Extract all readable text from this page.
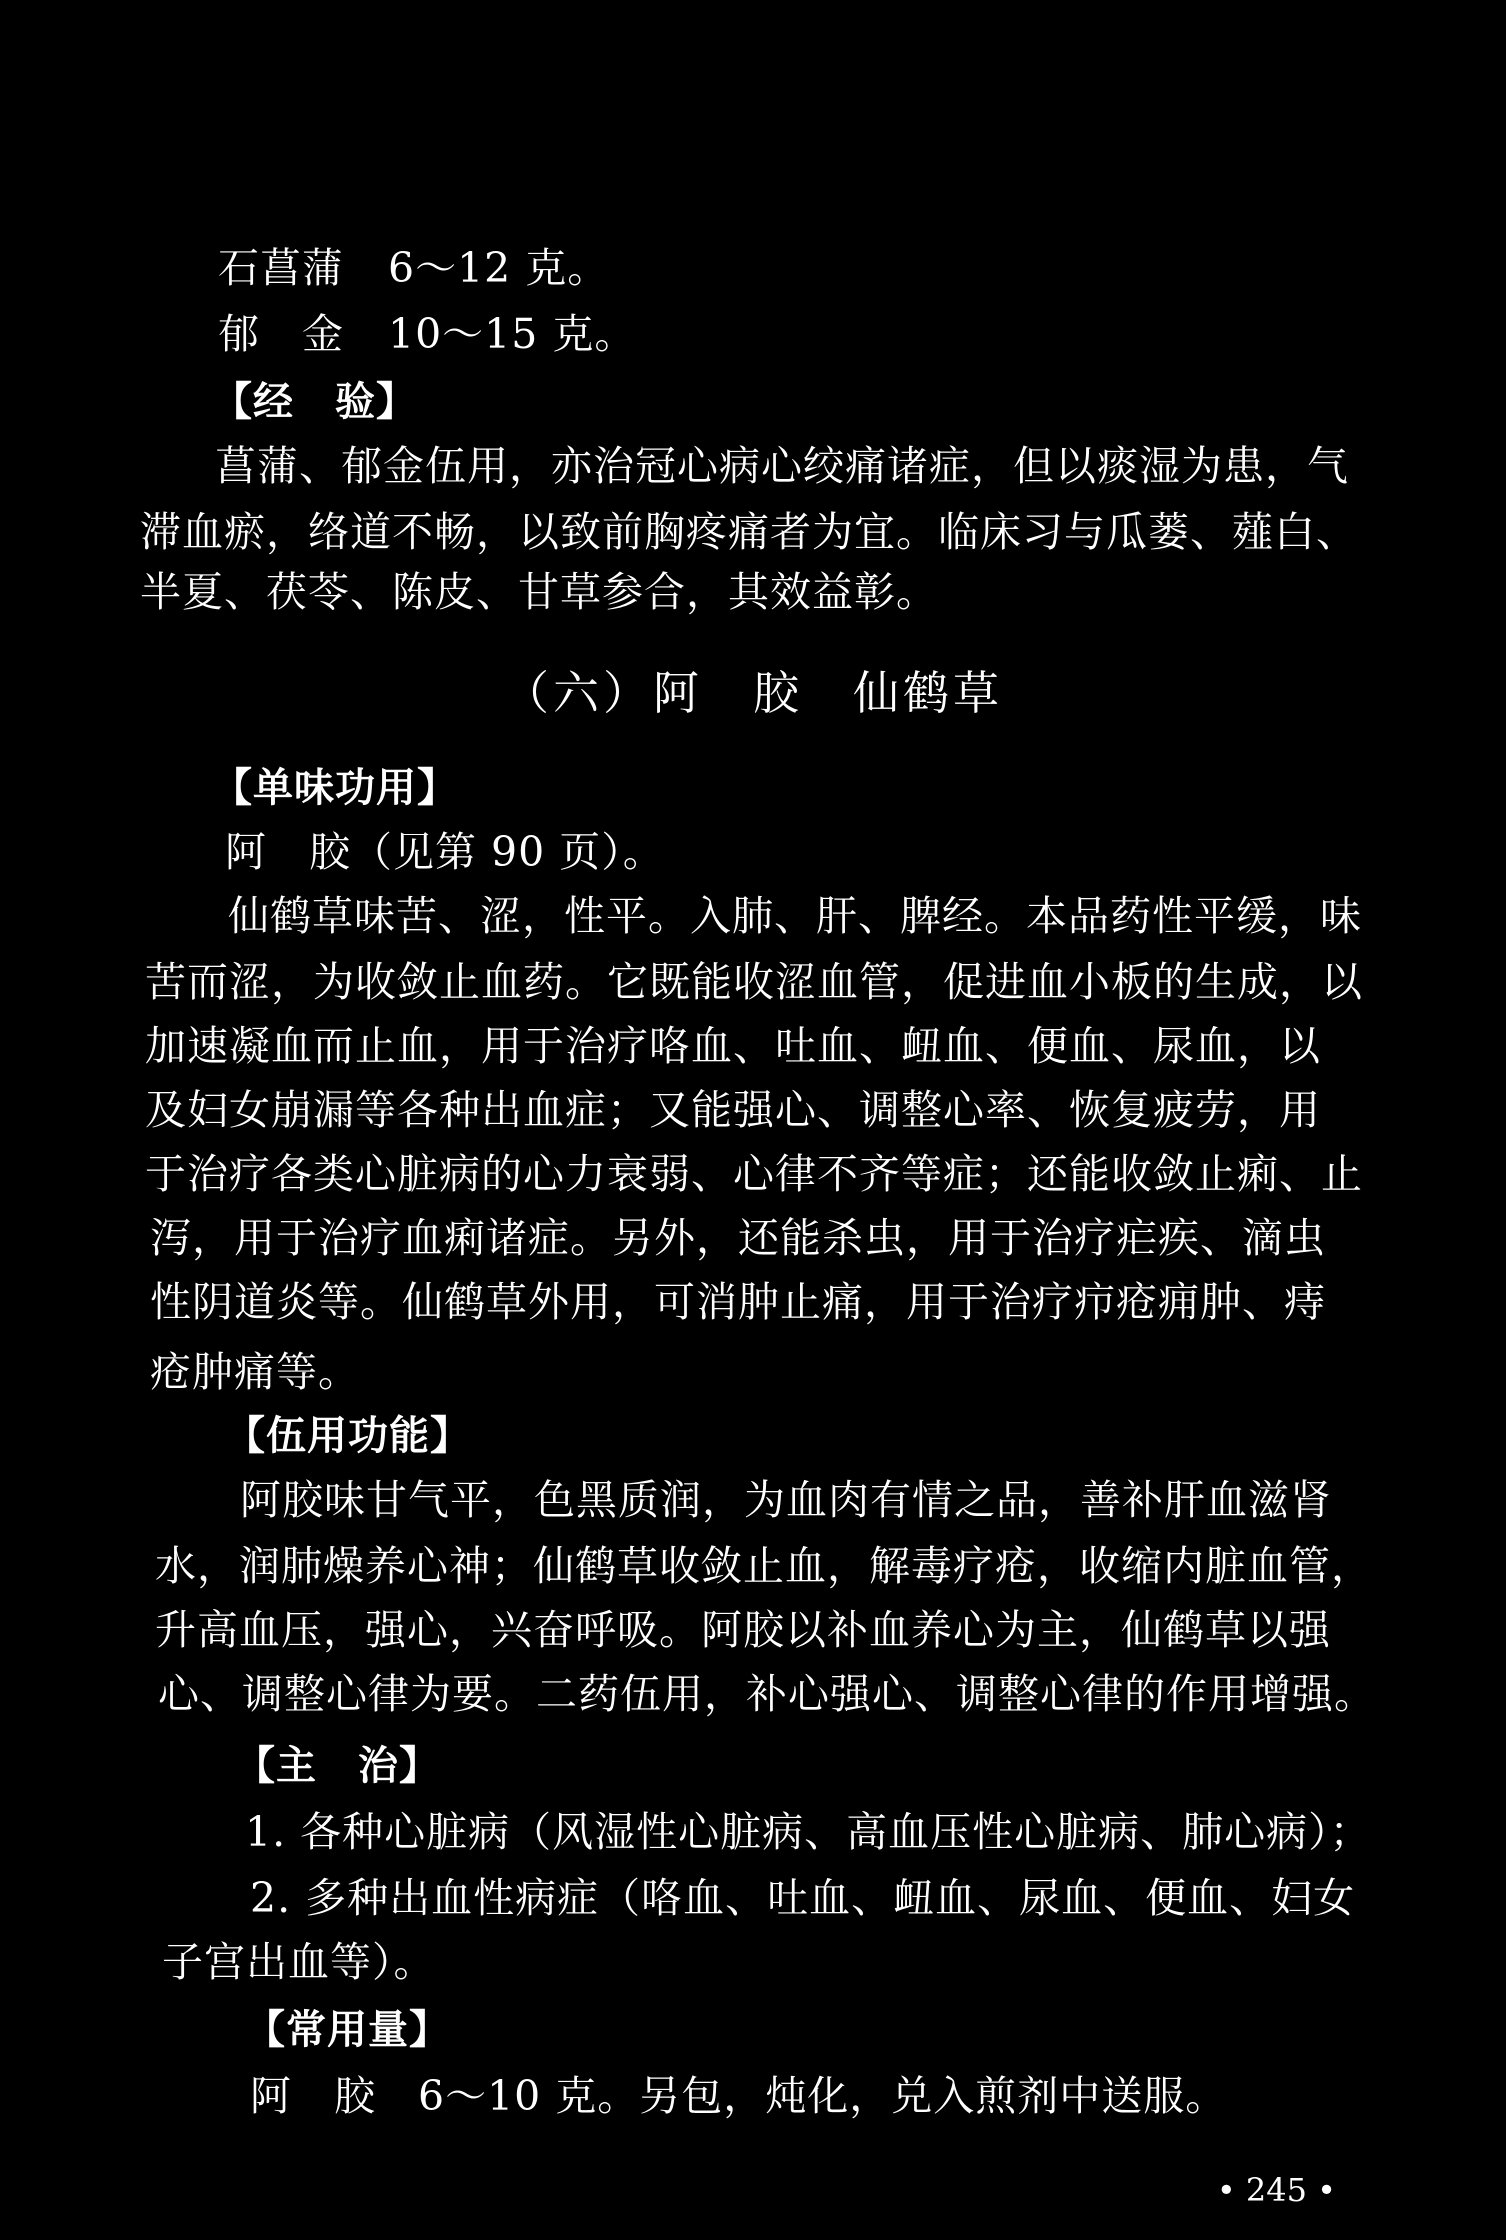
石菖蒲 6～12 克。
郁　金 10～15 克。
【经　验】
菖蒲、郁金伍用，亦治冠心病心绞痛诸症，但以痰湿为患，气
滞血瘀，络道不畅，以致前胸疼痛者为宜。临床习与瓜蒌、薤白、
半夏、茯苓、陈皮、甘草参合，其效益彰。
（六）阿　胶　仙鹤草
【单味功用】
阿　胶（见第 90 页）。
仙鹤草味苦、涩，性平。入肺、肝、脾经。本品药性平缓，味
苦而涩，为收敛止血药。它既能收涩血管，促进血小板的生成，以
加速凝血而止血，用于治疗咯血、吐血、衄血、便血、尿血，以
及妇女崩漏等各种出血症；又能强心、调整心率、恢复疲劳，用
于治疗各类心脏病的心力衰弱、心律不齐等症；还能收敛止痢、止
泻，用于治疗血痢诸症。另外，还能杀虫，用于治疗疟疾、滴虫
性阴道炎等。仙鹤草外用，可消肿止痛，用于治疗疖疮痈肿、痔
疮肿痛等。
【伍用功能】
阿胶味甘气平，色黑质润，为血肉有情之品，善补肝血滋肾
水，润肺燥养心神；仙鹤草收敛止血，解毒疗疮，收缩内脏血管，
升高血压，强心，兴奋呼吸。阿胶以补血养心为主，仙鹤草以强
心、调整心律为要。二药伍用，补心强心、调整心律的作用增强。
【主　治】
1. 各种心脏病（风湿性心脏病、高血压性心脏病、肺心病）；
2. 多种出血性病症（咯血、吐血、衄血、尿血、便血、妇女
子宫出血等）。
【常用量】
阿　胶　6～10 克。另包，炖化，兑入煎剂中送服。
• 245 •
